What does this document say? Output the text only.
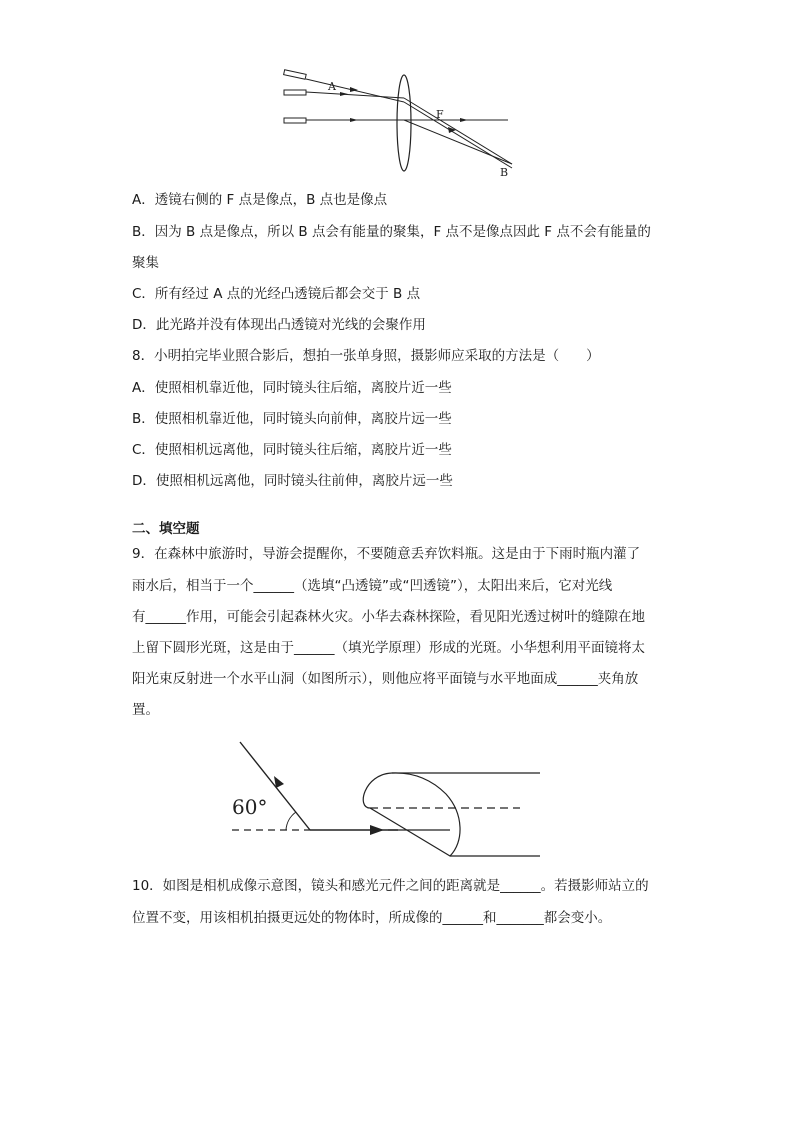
A
F
B
A．透镜右侧的 F 点是像点，B 点也是像点
B．因为 B 点是像点，所以 B 点会有能量的聚集，F 点不是像点因此 F 点不会有能量的
聚集
C．所有经过 A 点的光经凸透镜后都会交于 B 点
D．此光路并没有体现出凸透镜对光线的会聚作用
8．小明拍完毕业照合影后，想拍一张单身照，摄影师应采取的方法是（　　）
A．使照相机靠近他，同时镜头往后缩，离胶片近一些
B．使照相机靠近他，同时镜头向前伸，离胶片远一些
C．使照相机远离他，同时镜头往后缩，离胶片近一些
D．使照相机远离他，同时镜头往前伸，离胶片远一些
二、填空题
9．在森林中旅游时，导游会提醒你，不要随意丢弃饮料瓶。这是由于下雨时瓶内灌了
雨水后，相当于一个______（选填“凸透镜”或“凹透镜”），太阳出来后，它对光线
有______作用，可能会引起森林火灾。小华去森林探险，看见阳光透过树叶的缝隙在地
上留下圆形光斑，这是由于______（填光学原理）形成的光斑。小华想利用平面镜将太
阳光束反射进一个水平山洞（如图所示），则他应将平面镜与水平地面成______夹角放
置。
60°
10．如图是相机成像示意图，镜头和感光元件之间的距离就是______。若摄影师站立的
位置不变，用该相机拍摄更远处的物体时，所成像的______和_______都会变小。
